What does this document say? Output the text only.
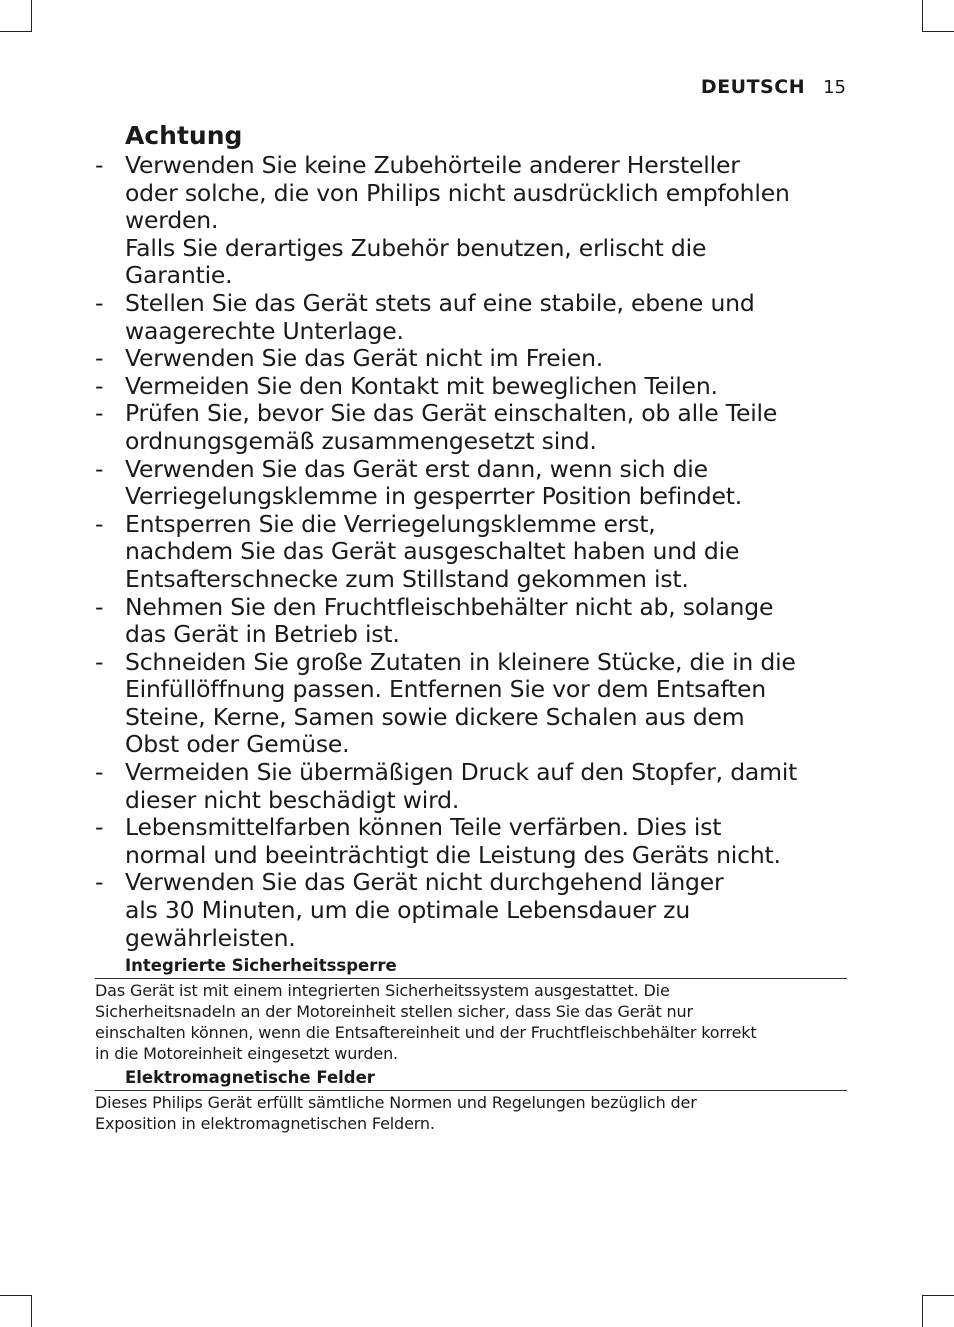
DEUTSCH 15
Achtung
- Verwenden Sie keine Zubehörteile anderer Hersteller
oder solche, die von Philips nicht ausdrücklich empfohlen
werden.
Falls Sie derartiges Zubehör benutzen, erlischt die
Garantie.
- Stellen Sie das Gerät stets auf eine stabile, ebene und
waagerechte Unterlage.
- Verwenden Sie das Gerät nicht im Freien.
- Vermeiden Sie den Kontakt mit beweglichen Teilen.
- Prüfen Sie, bevor Sie das Gerät einschalten, ob alle Teile
ordnungsgemäß zusammengesetzt sind.
- Verwenden Sie das Gerät erst dann, wenn sich die
Verriegelungsklemme in gesperrter Position befindet.
- Entsperren Sie die Verriegelungsklemme erst,
nachdem Sie das Gerät ausgeschaltet haben und die
Entsafterschnecke zum Stillstand gekommen ist.
- Nehmen Sie den Fruchtfleischbehälter nicht ab, solange
das Gerät in Betrieb ist.
- Schneiden Sie große Zutaten in kleinere Stücke, die in die
Einfüllöffnung passen. Entfernen Sie vor dem Entsaften
Steine, Kerne, Samen sowie dickere Schalen aus dem
Obst oder Gemüse.
- Vermeiden Sie übermäßigen Druck auf den Stopfer, damit
dieser nicht beschädigt wird.
- Lebensmittelfarben können Teile verfärben. Dies ist
normal und beeinträchtigt die Leistung des Geräts nicht.
- Verwenden Sie das Gerät nicht durchgehend länger
als 30 Minuten, um die optimale Lebensdauer zu
gewährleisten.
Integrierte Sicherheitssperre
Das Gerät ist mit einem integrierten Sicherheitssystem ausgestattet. Die
Sicherheitsnadeln an der Motoreinheit stellen sicher, dass Sie das Gerät nur
einschalten können, wenn die Entsaftereinheit und der Fruchtfleischbehälter korrekt
in die Motoreinheit eingesetzt wurden.
Elektromagnetische Felder
Dieses Philips Gerät erfüllt sämtliche Normen und Regelungen bezüglich der
Exposition in elektromagnetischen Feldern.
